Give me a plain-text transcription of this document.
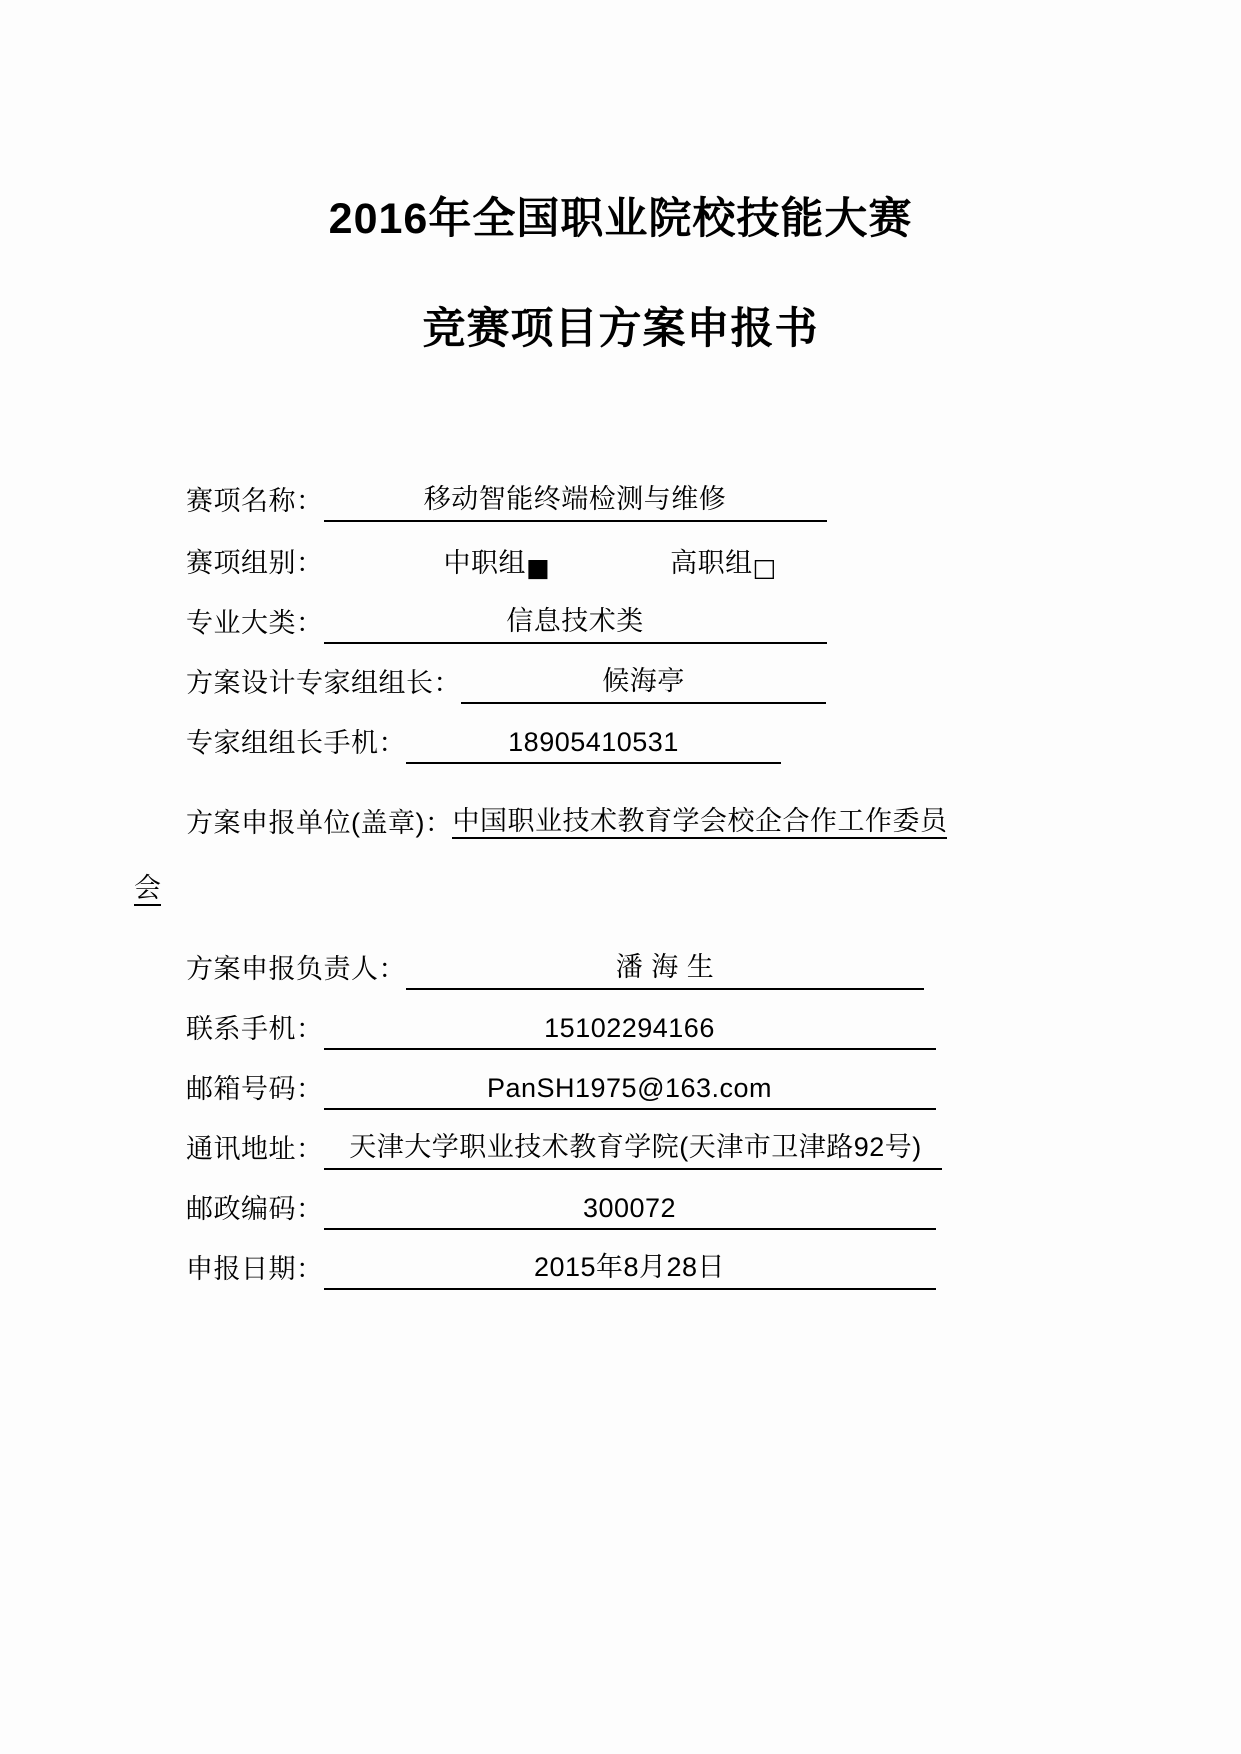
2016年全国职业院校技能大赛
竞赛项目方案申报书
赛项名称：	移动智能终端检测与维修
赛项组别：	中职组 ■	高职组 □
专业大类：	信息技术类
方案设计专家组组长：	候海亭
专家组组长手机：	18905410531
方案申报单位(盖章)： 中国职业技术教育学会校企合作工作委员
会
方案申报负责人：	潘 海 生
联系手机：	15102294166
邮箱号码：	PanSH1975@163.com
通讯地址： 天津大学职业技术教育学院(天津市卫津路92号)
邮政编码：	300072
申报日期：	2015年8月28日
